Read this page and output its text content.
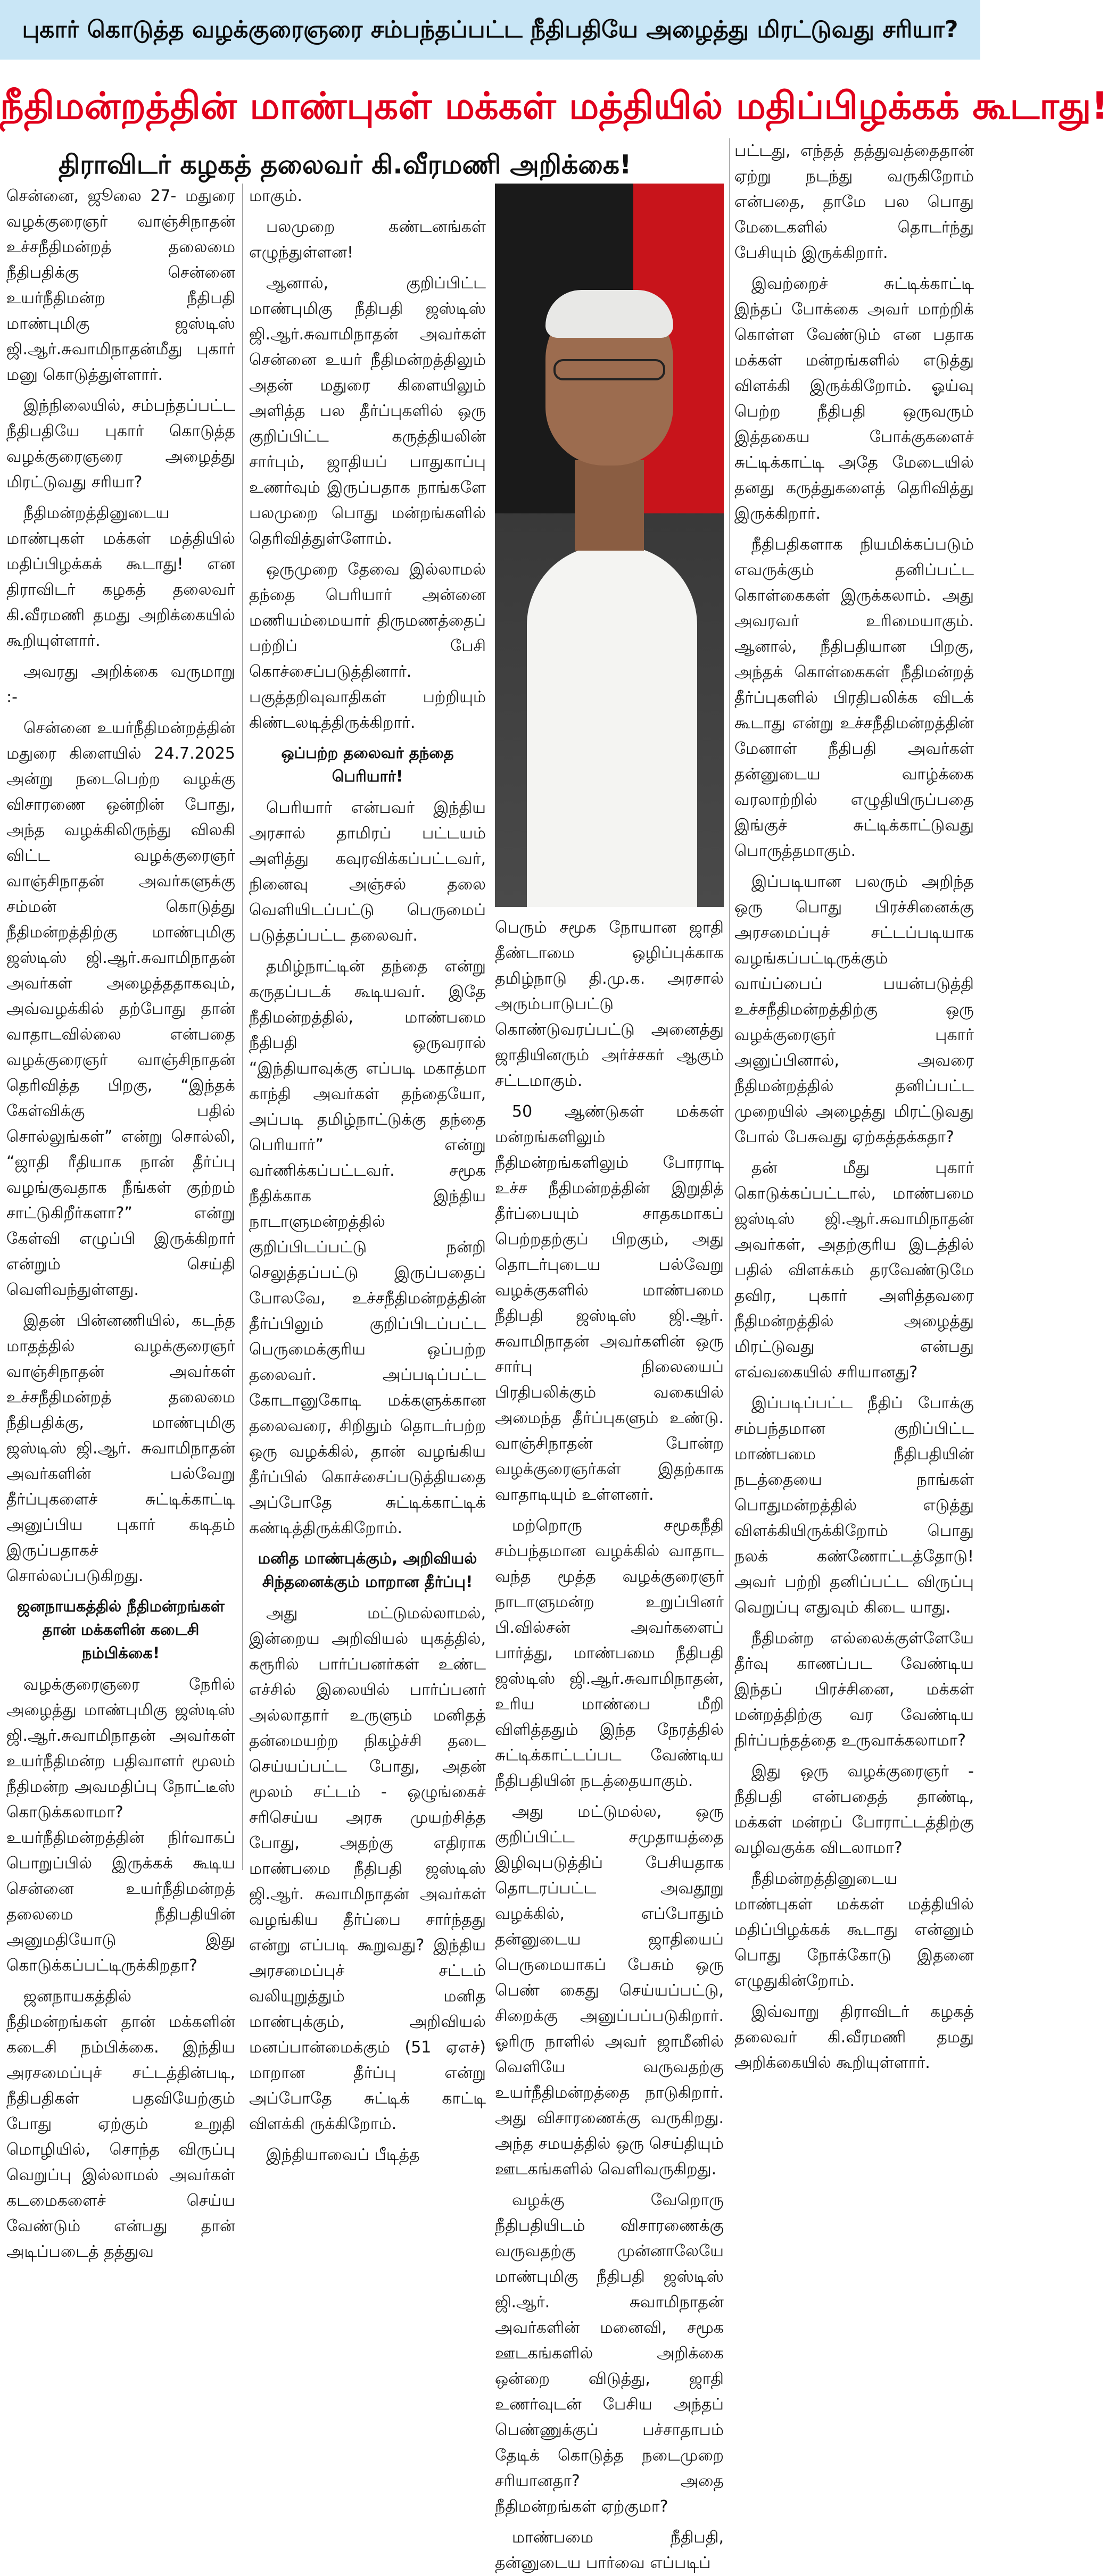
புகார் கொடுத்த வழக்குரைஞரை சம்பந்தப்பட்ட நீதிபதியே அழைத்து மிரட்டுவது சரியா?
நீதிமன்றத்தின் மாண்புகள் மக்கள் மத்தியில் மதிப்பிழக்கக் கூடாது!
திராவிடர் கழகத் தலைவர் கி.வீரமணி அறிக்கை!

சென்னை, ஜூலை 27- மதுரை வழக்குரைஞர் வாஞ்சிநாதன் உச்சநீதிமன்றத் தலைமை நீதிபதிக்கு சென்னை உயர்நீதிமன்ற நீதிபதி மாண்புமிகு ஜஸ்டிஸ் ஜி.ஆர்.சுவாமிநாதன்மீது புகார் மனு கொடுத்துள்ளார்.

இந்நிலையில், சம்பந்தப்பட்ட நீதிபதியே புகார் கொடுத்த வழக்குரைஞரை அழைத்து மிரட்டுவது சரியா?

நீதிமன்றத்தினுடைய மாண்புகள் மக்கள் மத்தியில் மதிப்பிழக்கக் கூடாது! என திராவிடர் கழகத் தலைவர் கி.வீரமணி தமது அறிக்கையில் கூறியுள்ளார்.

அவரது அறிக்கை வருமாறு :-

சென்னை உயர்நீதிமன்றத்தின் மதுரை கிளையில் 24.7.2025 அன்று நடைபெற்ற வழக்கு விசாரணை ஒன்றின் போது, அந்த வழக்கிலிருந்து விலகி விட்ட வழக்குரைஞர் வாஞ்சிநாதன் அவர்களுக்கு சம்மன் கொடுத்து நீதிமன்றத்திற்கு மாண்புமிகு ஜஸ்டிஸ் ஜி.ஆர்.சுவாமிநாதன் அவர்கள் அழைத்ததாகவும், அவ்வழக்கில் தற்போது தான் வாதாடவில்லை என்பதை வழக்குரைஞர் வாஞ்சிநாதன் தெரிவித்த பிறகு, “இந்தக் கேள்விக்கு பதில் சொல்லுங்கள்” என்று சொல்லி, “ஜாதி ரீதியாக நான் தீர்ப்பு வழங்குவதாக நீங்கள் குற்றம் சாட்டுகிறீர்களா?” என்று கேள்வி எழுப்பி இருக்கிறார் என்றும் செய்தி வெளிவந்துள்ளது.

இதன் பின்னணியில், கடந்த மாதத்தில் வழக்குரைஞர் வாஞ்சிநாதன் அவர்கள் உச்சநீதிமன்றத் தலைமை நீதிபதிக்கு, மாண்புமிகு ஜஸ்டிஸ் ஜி.ஆர். சுவாமிநாதன் அவர்களின் பல்வேறு தீர்ப்புகளைச் சுட்டிக்காட்டி அனுப்பிய புகார் கடிதம் இருப்பதாகச் சொல்லப்படுகிறது.

ஜனநாயகத்தில் நீதிமன்றங்கள் தான் மக்களின் கடைசி நம்பிக்கை!

வழக்குரைஞரை நேரில் அழைத்து மாண்புமிகு ஜஸ்டிஸ் ஜி.ஆர்.சுவாமிநாதன் அவர்கள் உயர்நீதிமன்ற பதிவாளர் மூலம் நீதிமன்ற அவமதிப்பு நோட்டீஸ் கொடுக்கலாமா? உயர்நீதிமன்றத்தின் நிர்வாகப் பொறுப்பில் இருக்கக் கூடிய சென்னை உயர்நீதிமன்றத் தலைமை நீதிபதியின் அனுமதியோடு இது கொடுக்கப்பட்டிருக்கிறதா?

ஜனநாயகத்தில் நீதிமன்றங்கள் தான் மக்களின் கடைசி நம்பிக்கை. இந்திய அரசமைப்புச் சட்டத்தின்படி, நீதிபதிகள் பதவியேற்கும் போது ஏற்கும் உறுதி மொழியில், சொந்த விருப்பு வெறுப்பு இல்லாமல் அவர்கள் கடமைகளைச் செய்ய வேண்டும் என்பது தான் அடிப்படைத் தத்துவ

மாகும்.

பலமுறை கண்டனங்கள் எழுந்துள்ளன!

ஆனால், குறிப்பிட்ட மாண்புமிகு நீதிபதி ஜஸ்டிஸ் ஜி.ஆர்.சுவாமிநாதன் அவர்கள் சென்னை உயர் நீதிமன்றத்திலும் அதன் மதுரை கிளையிலும் அளித்த பல தீர்ப்புகளில் ஒரு குறிப்பிட்ட கருத்தியலின் சார்பும், ஜாதியப் பாதுகாப்பு உணர்வும் இருப்பதாக நாங்களே பலமுறை பொது மன்றங்களில் தெரிவித்துள்ளோம்.

ஒருமுறை தேவை இல்லாமல் தந்தை பெரியார் அன்னை மணியம்மையார் திருமணத்தைப் பற்றிப் பேசி கொச்சைப்படுத்தினார். பகுத்தறிவுவாதிகள் பற்றியும் கிண்டலடித்திருக்கிறார்.

ஒப்பற்ற தலைவர் தந்தை பெரியார்!

பெரியார் என்பவர் இந்திய அரசால் தாமிரப் பட்டயம் அளித்து கவுரவிக்கப்பட்டவர், நினைவு அஞ்சல் தலை வெளியிடப்பட்டு பெருமைப் படுத்தப்பட்ட தலைவர்.

தமிழ்நாட்டின் தந்தை என்று கருதப்படக் கூடியவர். இதே நீதிமன்றத்தில், மாண்பமை நீதிபதி ஒருவரால் “இந்தியாவுக்கு எப்படி மகாத்மா காந்தி அவர்கள் தந்தையோ, அப்படி தமிழ்நாட்டுக்கு தந்தை பெரியார்” என்று வர்ணிக்கப்பட்டவர். சமூக நீதிக்காக இந்திய நாடாளுமன்றத்தில் குறிப்பிடப்பட்டு நன்றி செலுத்தப்பட்டு இருப்பதைப் போலவே, உச்சநீதிமன்றத்தின் தீர்ப்பிலும் குறிப்பிடப்பட்ட பெருமைக்குரிய ஒப்பற்ற தலைவர். அப்படிப்பட்ட கோடானுகோடி மக்களுக்கான தலைவரை, சிறிதும் தொடர்பற்ற ஒரு வழக்கில், தான் வழங்கிய தீர்ப்பில் கொச்சைப்படுத்தியதை அப்போதே சுட்டிக்காட்டிக் கண்டித்திருக்கிறோம்.

மனித மாண்புக்கும், அறிவியல் சிந்தனைக்கும் மாறான தீர்ப்பு!

அது மட்டுமல்லாமல், இன்றைய அறிவியல் யுகத்தில், கரூரில் பார்ப்பனர்கள் உண்ட எச்சில் இலையில் பார்ப்பனர் அல்லாதார் உருளும் மனிதத் தன்மையற்ற நிகழ்ச்சி தடை செய்யப்பட்ட போது, அதன் மூலம் சட்டம் - ஒழுங்கைச் சரிசெய்ய அரசு முயற்சித்த போது, அதற்கு எதிராக மாண்பமை நீதிபதி ஜஸ்டிஸ் ஜி.ஆர். சுவாமிநாதன் அவர்கள் வழங்கிய தீர்ப்பை சார்ந்தது என்று எப்படி கூறுவது? இந்திய அரசமைப்புச் சட்டம் வலியுறுத்தும் மனித மாண்புக்கும், அறிவியல் மனப்பான்மைக்கும் (51 ஏஎச்) மாறான தீர்ப்பு என்று அப்போதே சுட்டிக் காட்டி விளக்கி ருக்கிறோம்.

இந்தியாவைப் பீடித்த

பெரும் சமூக நோயான ஜாதி தீண்டாமை ஒழிப்புக்காக தமிழ்நாடு தி.மு.க. அரசால் அரும்பாடுபட்டு கொண்டுவரப்பட்டு அனைத்து ஜாதியினரும் அர்ச்சகர் ஆகும் சட்டமாகும்.

50 ஆண்டுகள் மக்கள் மன்றங்களிலும் நீதிமன்றங்களிலும் போராடி உச்ச நீதிமன்றத்தின் இறுதித் தீர்ப்பையும் சாதகமாகப் பெற்றதற்குப் பிறகும், அது தொடர்புடைய பல்வேறு வழக்குகளில் மாண்பமை நீதிபதி ஜஸ்டிஸ் ஜி.ஆர். சுவாமிநாதன் அவர்களின் ஒரு சார்பு நிலையைப் பிரதிபலிக்கும் வகையில் அமைந்த தீர்ப்புகளும் உண்டு. வாஞ்சிநாதன் போன்ற வழக்குரைஞர்கள் இதற்காக வாதாடியும் உள்ளனர்.

மற்றொரு சமூகநீதி சம்பந்தமான வழக்கில் வாதாட வந்த மூத்த வழக்குரைஞர் நாடாளுமன்ற உறுப்பினர் பி.வில்சன் அவர்களைப் பார்த்து, மாண்பமை நீதிபதி ஜஸ்டிஸ் ஜி.ஆர்.சுவாமிநாதன், உரிய மாண்பை மீறி விளித்ததும் இந்த நேரத்தில் சுட்டிக்காட்டப்பட வேண்டிய நீதிபதியின் நடத்தையாகும்.

அது மட்டுமல்ல, ஒரு குறிப்பிட்ட சமுதாயத்தை இழிவுபடுத்திப் பேசியதாக தொடரப்பட்ட அவதூறு வழக்கில், எப்போதும் தன்னுடைய ஜாதியைப் பெருமையாகப் பேசும் ஒரு பெண் கைது செய்யப்பட்டு, சிறைக்கு அனுப்பப்படுகிறார். ஓரிரு நாளில் அவர் ஜாமீனில் வெளியே வருவதற்கு உயர்நீதிமன்றத்தை நாடுகிறார். அது விசாரணைக்கு வருகிறது. அந்த சமயத்தில் ஒரு செய்தியும் ஊடகங்களில் வெளிவருகிறது.

வழக்கு வேறொரு நீதிபதியிடம் விசாரணைக்கு வருவதற்கு முன்னாலேயே மாண்புமிகு நீதிபதி ஜஸ்டிஸ் ஜி.ஆர். சுவாமிநாதன் அவர்களின் மனைவி, சமூக ஊடகங்களில் அறிக்கை ஒன்றை விடுத்து, ஜாதி உணர்வுடன் பேசிய அந்தப் பெண்ணுக்குப் பச்சாதாபம் தேடிக் கொடுத்த நடைமுறை சரியானதா? அதை நீதிமன்றங்கள் ஏற்குமா?

மாண்பமை நீதிபதி, தன்னுடைய பார்வை எப்படிப்

பட்டது, எந்தத் தத்துவத்தைதான் ஏற்று நடந்து வருகிறோம் என்பதை, தாமே பல பொது மேடைகளில் தொடர்ந்து பேசியும் இருக்கிறார்.

இவற்றைச் சுட்டிக்காட்டி இந்தப் போக்கை அவர் மாற்றிக் கொள்ள வேண்டும் என பதாக மக்கள் மன்றங்களில் எடுத்து விளக்கி இருக்கிறோம். ஓய்வு பெற்ற நீதிபதி ஒருவரும் இத்தகைய போக்குகளைச் சுட்டிக்காட்டி அதே மேடையில் தனது கருத்துகளைத் தெரிவித்து இருக்கிறார்.

நீதிபதிகளாக நியமிக்கப்படும் எவருக்கும் தனிப்பட்ட கொள்கைகள் இருக்கலாம். அது அவரவர் உரிமையாகும். ஆனால், நீதிபதியான பிறகு, அந்தக் கொள்கைகள் நீதிமன்றத் தீர்ப்புகளில் பிரதிபலிக்க விடக் கூடாது என்று உச்சநீதிமன்றத்தின் மேனாள் நீதிபதி அவர்கள் தன்னுடைய வாழ்க்கை வரலாற்றில் எழுதியிருப்பதை இங்குச் சுட்டிக்காட்டுவது பொருத்தமாகும்.

இப்படியான பலரும் அறிந்த ஒரு பொது பிரச்சினைக்கு அரசமைப்புச் சட்டப்படியாக வழங்கப்பட்டிருக்கும் வாய்ப்பைப் பயன்படுத்தி உச்சநீதிமன்றத்திற்கு ஒரு வழக்குரைஞர் புகார் அனுப்பினால், அவரை நீதிமன்றத்தில் தனிப்பட்ட முறையில் அழைத்து மிரட்டுவது போல் பேசுவது ஏற்கத்தக்கதா?

தன் மீது புகார் கொடுக்கப்பட்டால், மாண்பமை ஜஸ்டிஸ் ஜி.ஆர்.சுவாமிநாதன் அவர்கள், அதற்குரிய இடத்தில் பதில் விளக்கம் தரவேண்டுமே தவிர, புகார் அளித்தவரை நீதிமன்றத்தில் அழைத்து மிரட்டுவது என்பது எவ்வகையில் சரியானது?

இப்படிப்பட்ட நீதிப் போக்கு சம்பந்தமான குறிப்பிட்ட மாண்பமை நீதிபதியின் நடத்தையை நாங்கள் பொதுமன்றத்தில் எடுத்து விளக்கியிருக்கிறோம் பொது நலக் கண்ணோட்டத்தோடு! அவர் பற்றி தனிப்பட்ட விருப்பு வெறுப்பு எதுவும் கிடை யாது.

நீதிமன்ற எல்லைக்குள்ளேயே தீர்வு காணப்பட வேண்டிய இந்தப் பிரச்சினை, மக்கள் மன்றத்திற்கு வர வேண்டிய நிர்ப்பந்தத்தை உருவாக்கலாமா?

இது ஒரு வழக்குரைஞர் - நீதிபதி என்பதைத் தாண்டி, மக்கள் மன்றப் போராட்டத்திற்கு வழிவகுக்க விடலாமா?

நீதிமன்றத்தினுடைய மாண்புகள் மக்கள் மத்தியில் மதிப்பிழக்கக் கூடாது என்னும் பொது நோக்கோடு இதனை எழுதுகின்றோம்.

இவ்வாறு திராவிடர் கழகத் தலைவர் கி.வீரமணி தமது அறிக்கையில் கூறியுள்ளார்.
